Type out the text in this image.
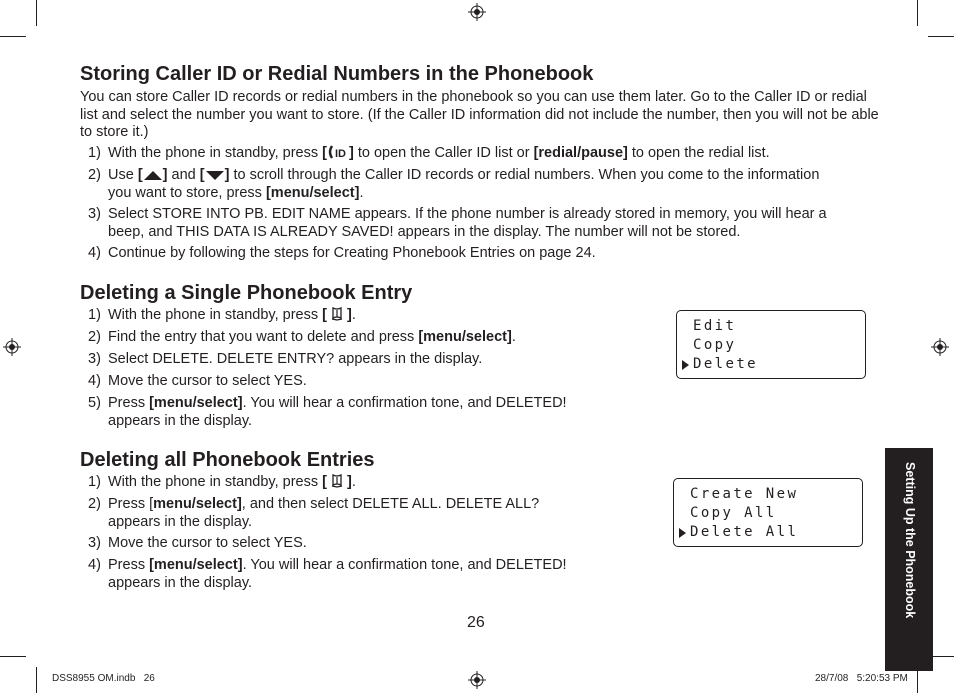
Storing Caller ID or Redial Numbers in the Phonebook

You can store Caller ID records or redial numbers in the phonebook so you can use them later. Go to the Caller ID or redial list and select the number you want to store. (If the Caller ID information did not include the number, then you will not be able to store it.)

1) With the phone in standby, press [ ID ] to open the Caller ID list or [redial/pause] to open the redial list.
2) Use [ ] and [ ] to scroll through the Caller ID records or redial numbers. When you come to the information
you want to store, press [menu/select].
3) Select STORE INTO PB. EDIT NAME appears. If the phone number is already stored in memory, you will hear a
beep, and THIS DATA IS ALREADY SAVED! appears in the display. The number will not be stored.
4) Continue by following the steps for Creating Phonebook Entries on page 24.
Deleting a Single Phonebook Entry
1) With the phone in standby, press [  ].
2) Find the entry that you want to delete and press [menu/select].
3) Select DELETE. DELETE ENTRY? appears in the display.
4) Move the cursor to select YES.
5) Press [menu/select]. You will hear a confirmation tone, and DELETED!
appears in the display.
Edit
Copy
Delete
Deleting all Phonebook Entries
1) With the phone in standby, press [  ].
2) Press [menu/select], and then select DELETE ALL. DELETE ALL?
appears in the display.
3) Move the cursor to select YES.
4) Press [menu/select]. You will hear a confirmation tone, and DELETED!
appears in the display.
Create New
Copy All
Delete All	Setting Up the Phonebook
26
DSS8955 OM.indb   26	28/7/08   5:20:53 PM
